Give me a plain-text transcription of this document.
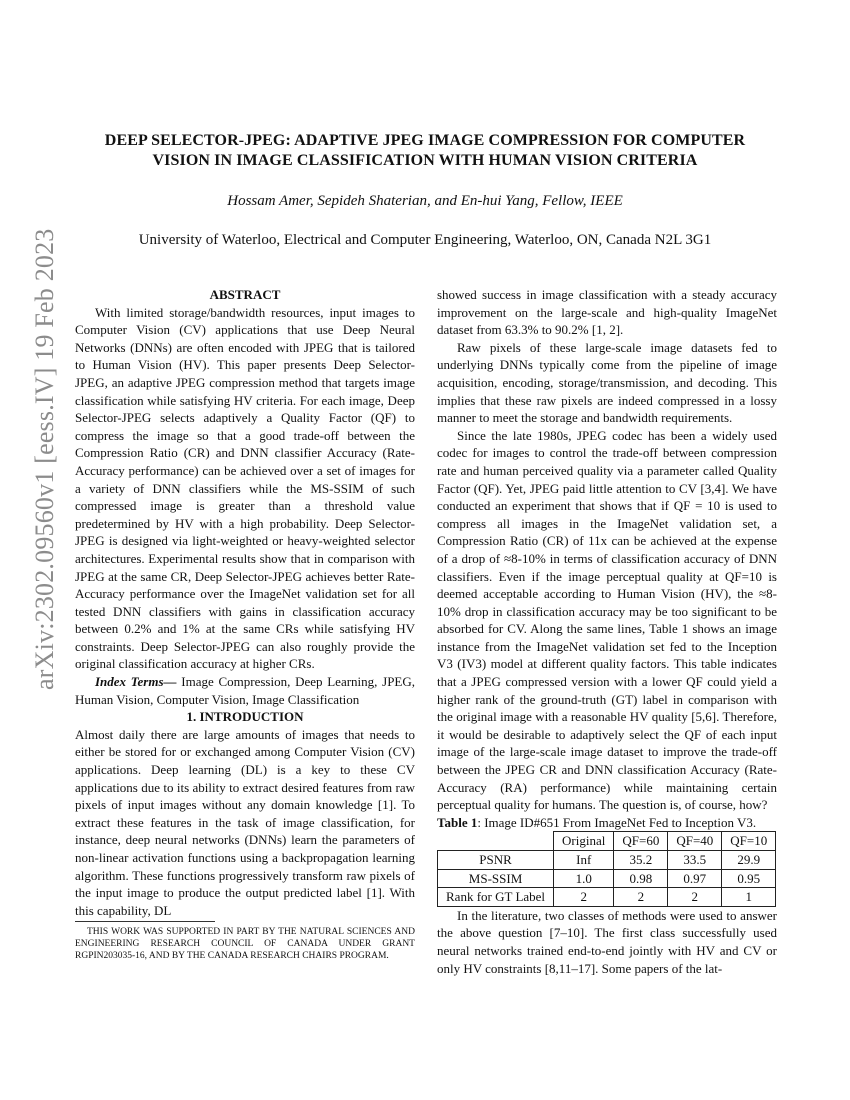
arXiv:2302.09560v1 [eess.IV] 19 Feb 2023
DEEP SELECTOR-JPEG: ADAPTIVE JPEG IMAGE COMPRESSION FOR COMPUTER
VISION IN IMAGE CLASSIFICATION WITH HUMAN VISION CRITERIA
Hossam Amer, Sepideh Shaterian, and En-hui Yang, Fellow, IEEE
University of Waterloo, Electrical and Computer Engineering, Waterloo, ON, Canada N2L 3G1

ABSTRACT

With limited storage/bandwidth resources, input images to Computer Vision (CV) applications that use Deep Neural Networks (DNNs) are often encoded with JPEG that is tailored to Human Vision (HV). This paper presents Deep Selector-JPEG, an adaptive JPEG compression method that targets image classification while satisfying HV criteria. For each image, Deep Selector-JPEG selects adaptively a Quality Factor (QF) to compress the image so that a good trade-off between the Compression Ratio (CR) and DNN classifier Accuracy (Rate-Accuracy performance) can be achieved over a set of images for a variety of DNN classifiers while the MS-SSIM of such compressed image is greater than a threshold value predetermined by HV with a high probability. Deep Selector-JPEG is designed via light-weighted or heavy-weighted selector architectures. Experimental results show that in comparison with JPEG at the same CR, Deep Selector-JPEG achieves better Rate-Accuracy performance over the ImageNet validation set for all tested DNN classifiers with gains in classification accuracy between 0.2% and 1% at the same CRs while satisfying HV constraints. Deep Selector-JPEG can also roughly provide the original classification accuracy at higher CRs.

Index Terms— Image Compression, Deep Learning, JPEG, Human Vision, Computer Vision, Image Classification

1. INTRODUCTION

Almost daily there are large amounts of images that needs to either be stored for or exchanged among Computer Vision (CV) applications. Deep learning (DL) is a key to these CV applications due to its ability to extract desired features from raw pixels of input images without any domain knowledge [1]. To extract these features in the task of image classification, for instance, deep neural networks (DNNs) learn the parameters of non-linear activation functions using a backpropagation learning algorithm. These functions progressively transform raw pixels of the input image to produce the output predicted label [1]. With this capability, DL

THIS WORK WAS SUPPORTED IN PART BY THE NATURAL SCIENCES AND ENGINEERING RESEARCH COUNCIL OF CANADA UNDER GRANT RGPIN203035-16, AND BY THE CANADA RESEARCH CHAIRS PROGRAM.

showed success in image classification with a steady accuracy improvement on the large-scale and high-quality ImageNet dataset from 63.3% to 90.2% [1, 2].

Raw pixels of these large-scale image datasets fed to underlying DNNs typically come from the pipeline of image acquisition, encoding, storage/transmission, and decoding. This implies that these raw pixels are indeed compressed in a lossy manner to meet the storage and bandwidth requirements.

Since the late 1980s, JPEG codec has been a widely used codec for images to control the trade-off between compression rate and human perceived quality via a parameter called Quality Factor (QF). Yet, JPEG paid little attention to CV [3,4]. We have conducted an experiment that shows that if QF = 10 is used to compress all images in the ImageNet validation set, a Compression Ratio (CR) of 11x can be achieved at the expense of a drop of ≈8-10% in terms of classification accuracy of DNN classifiers. Even if the image perceptual quality at QF=10 is deemed acceptable according to Human Vision (HV), the ≈8-10% drop in classification accuracy may be too significant to be absorbed for CV. Along the same lines, Table 1 shows an image instance from the ImageNet validation set fed to the Inception V3 (IV3) model at different quality factors. This table indicates that a JPEG compressed version with a lower QF could yield a higher rank of the ground-truth (GT) label in comparison with the original image with a reasonable HV quality [5,6]. Therefore, it would be desirable to adaptively select the QF of each input image of the large-scale image dataset to improve the trade-off between the JPEG CR and DNN classification Accuracy (Rate-Accuracy (RA) performance) while maintaining certain perceptual quality for humans. The question is, of course, how?

Table 1: Image ID#651 From ImageNet Fed to Inception V3.

	Original	QF=60	QF=40	QF=10
PSNR	Inf	35.2	33.5	29.9
MS-SSIM	1.0	0.98	0.97	0.95
Rank for GT Label	2	2	2	1

In the literature, two classes of methods were used to answer the above question [7–10]. The first class successfully used neural networks trained end-to-end jointly with HV and CV or only HV constraints [8,11–17]. Some papers of the lat-
